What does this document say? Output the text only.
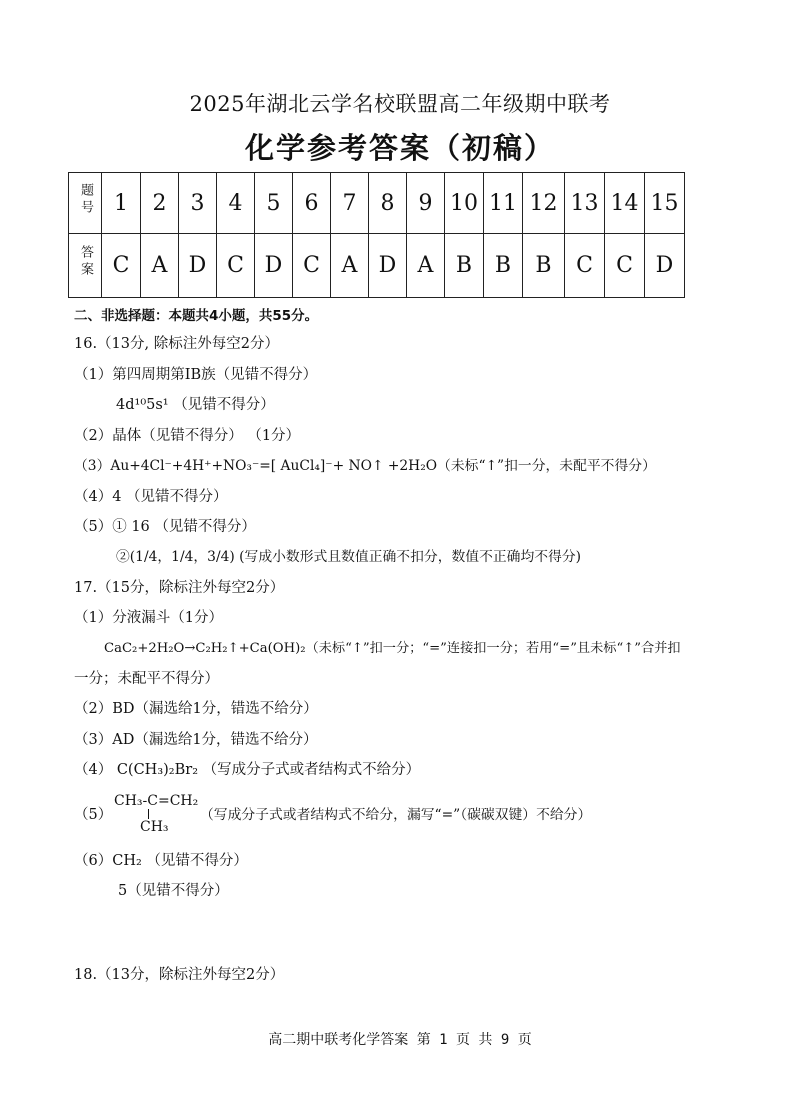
2025年湖北云学名校联盟高二年级期中联考
化学参考答案（初稿）
题号	1	2	3	4	5	6	7	8	9	10	11	12	13	14	15
答案	C	A	D	C	D	C	A	D	A	B	B	B	C	C	D
二、非选择题：本题共4小题，共55分。
16.（13分, 除标注外每空2分）
（1）第四周期第IB族（见错不得分）
4d¹⁰5s¹ （见错不得分）
（2）晶体（见错不得分） （1分）
（3）Au+4Cl⁻+4H⁺+NO₃⁻=[ AuCl₄]⁻+ NO↑ +2H₂O（未标“↑”扣一分，未配平不得分）
（4）4 （见错不得分）
（5）① 16 （见错不得分）
②(1/4，1/4，3/4) (写成小数形式且数值正确不扣分，数值不正确均不得分)
17.（15分，除标注外每空2分）
（1）分液漏斗（1分）
CaC₂+2H₂O→C₂H₂↑+Ca(OH)₂（未标“↑”扣一分；“=”连接扣一分；若用“=”且未标“↑”合并扣
一分；未配平不得分）
（2）BD（漏选给1分，错选不给分）
（3）AD（漏选给1分，错选不给分）
（4） C(CH₃)₂Br₂ （写成分子式或者结构式不给分）
（5）
CH₃-C=CH₂
CH₃
（写成分子式或者结构式不给分，漏写“=”（碳碳双键）不给分）
（6）CH₂ （见错不得分）
5（见错不得分）
18.（13分，除标注外每空2分）
高二期中联考化学答案 第 1 页 共 9 页
